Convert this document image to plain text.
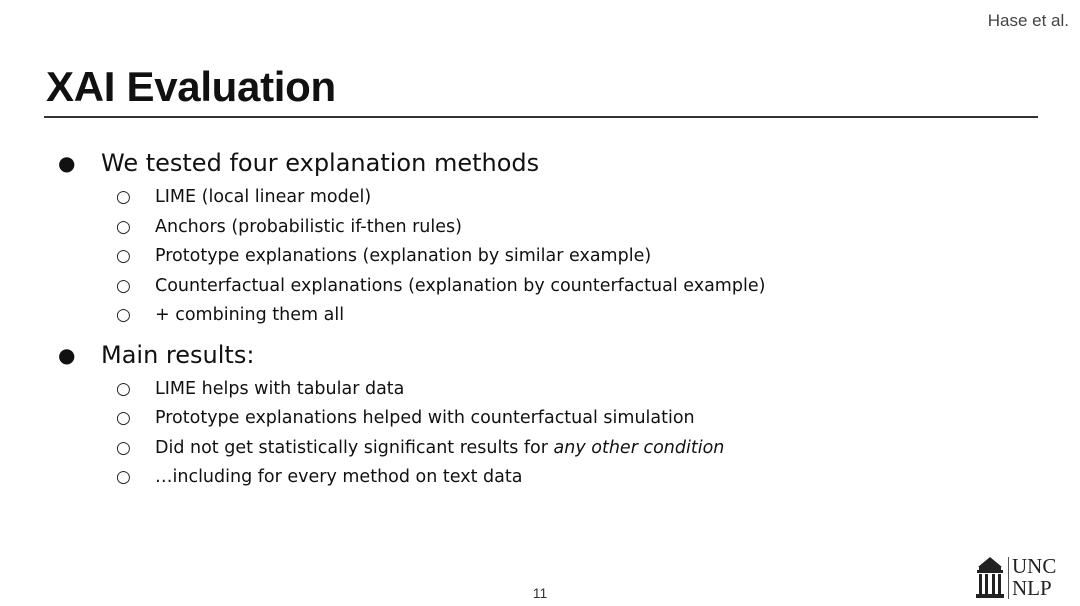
Hase et al.
XAI Evaluation
●	We tested four explanation methods
○ LIME (local linear model)
○ Anchors (probabilistic if-then rules)
○ Prototype explanations (explanation by similar example)
○ Counterfactual explanations (explanation by counterfactual example)
○ + combining them all
●	Main results:
○ LIME helps with tabular data
○ Prototype explanations helped with counterfactual simulation
○ Did not get statistically significant results for any other condition
○ …including for every method on text data
11
UNC
NLP
